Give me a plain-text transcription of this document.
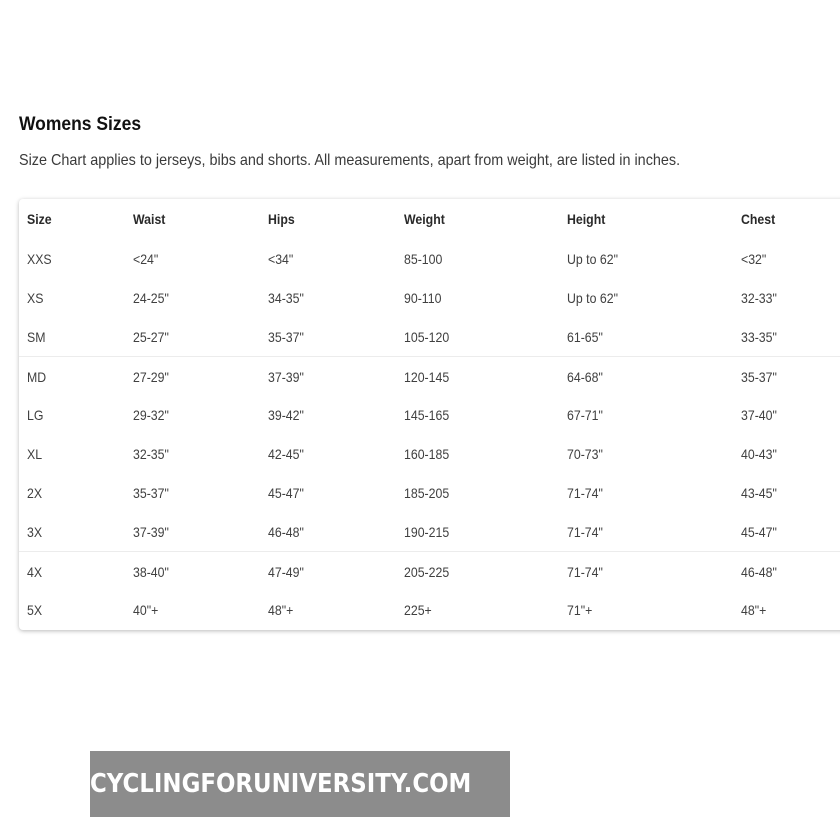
Womens Sizes
Size Chart applies to jerseys, bibs and shorts. All measurements, apart from weight, are listed in inches.
Size	Waist	Hips	Weight	Height	Chest
XXS	<24"	<34"	85-100	Up to 62"	<32"
XS	24-25"	34-35"	90-110	Up to 62"	32-33"
SM	25-27"	35-37"	105-120	61-65"	33-35"
MD	27-29"	37-39"	120-145	64-68"	35-37"
LG	29-32"	39-42"	145-165	67-71"	37-40"
XL	32-35"	42-45"	160-185	70-73"	40-43"
2X	35-37"	45-47"	185-205	71-74"	43-45"
3X	37-39"	46-48"	190-215	71-74"	45-47"
4X	38-40"	47-49"	205-225	71-74"	46-48"
5X	40"+	48"+	225+	71"+	48"+
CYCLINGFORUNIVERSITY.COM
